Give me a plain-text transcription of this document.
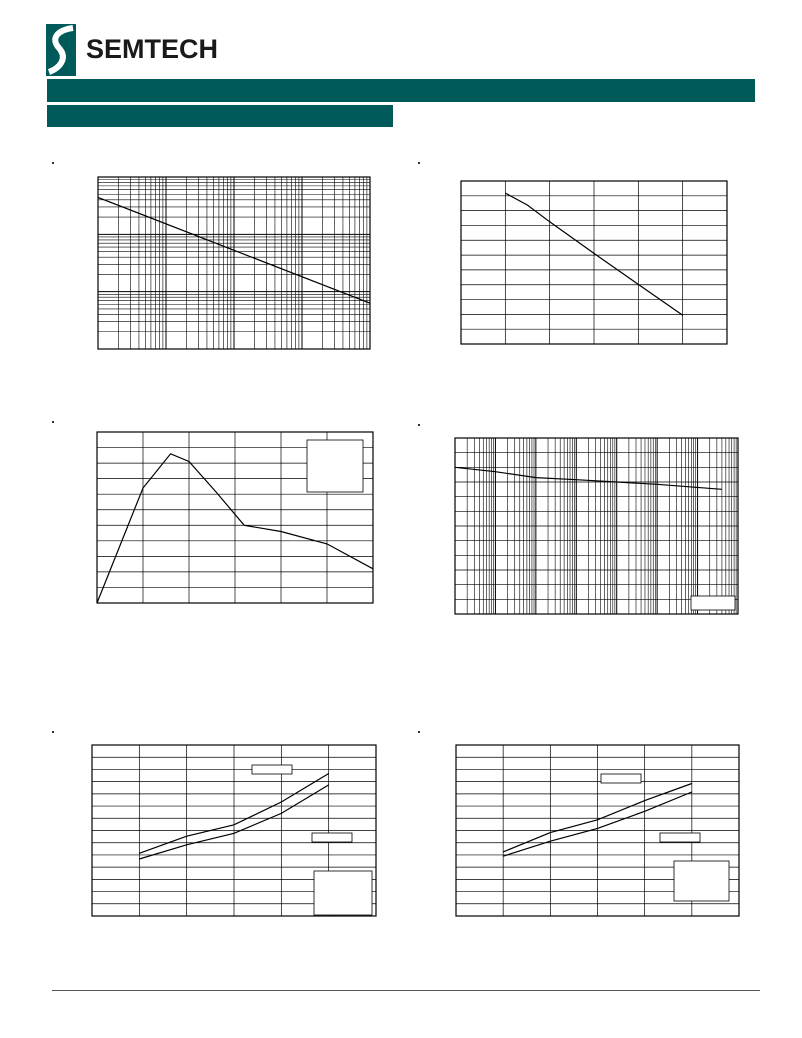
SEMTECH
